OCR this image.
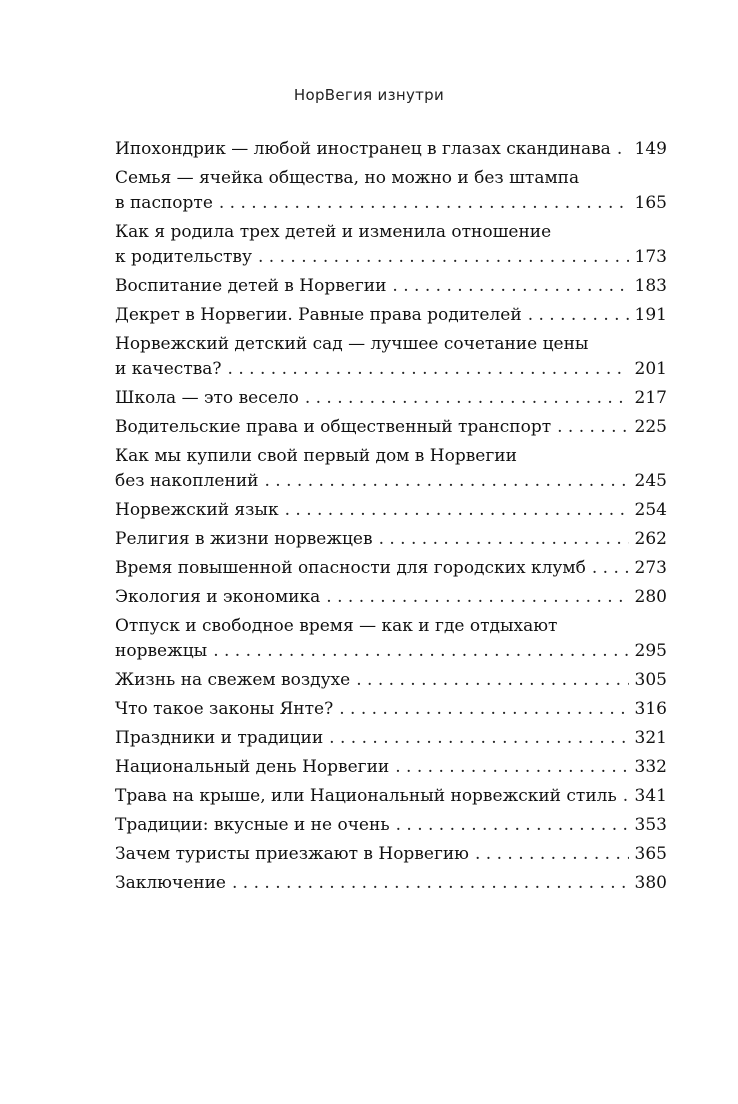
НорВегия изнутри
Ипохондрик — любой иностранец в глазах скандинава . . . 149
Семья — ячейка общества, но можно и без штампа
в паспорте . . .	165
Как я родила трех детей и изменила отношение
к родительству . . .	173
Воспитание детей в Норвегии . . .	183
Декрет в Норвегии. Равные права родителей . . .	191
Норвежский детский сад — лучшее сочетание цены
и качества? . . .	201
Школа — это весело . . .	217
Водительские права и общественный транспорт . . .	225
Как мы купили свой первый дом в Норвегии
без накоплений . . .	245
Норвежский язык . . .	254
Религия в жизни норвежцев . . .	262
Время повышенной опасности для городских клумб . . .	273
Экология и экономика . . .	280
Отпуск и свободное время — как и где отдыхают
норвежцы . . .	295
Жизнь на свежем воздухе . . .	305
Что такое законы Янте? . . .	316
Праздники и традиции . . .	321
Национальный день Норвегии . . .	332
Трава на крыше, или Национальный норвежский стиль . . . 341
Традиции: вкусные и не очень . . .	353
Зачем туристы приезжают в Норвегию . . .	365
Заключение . . .	380
